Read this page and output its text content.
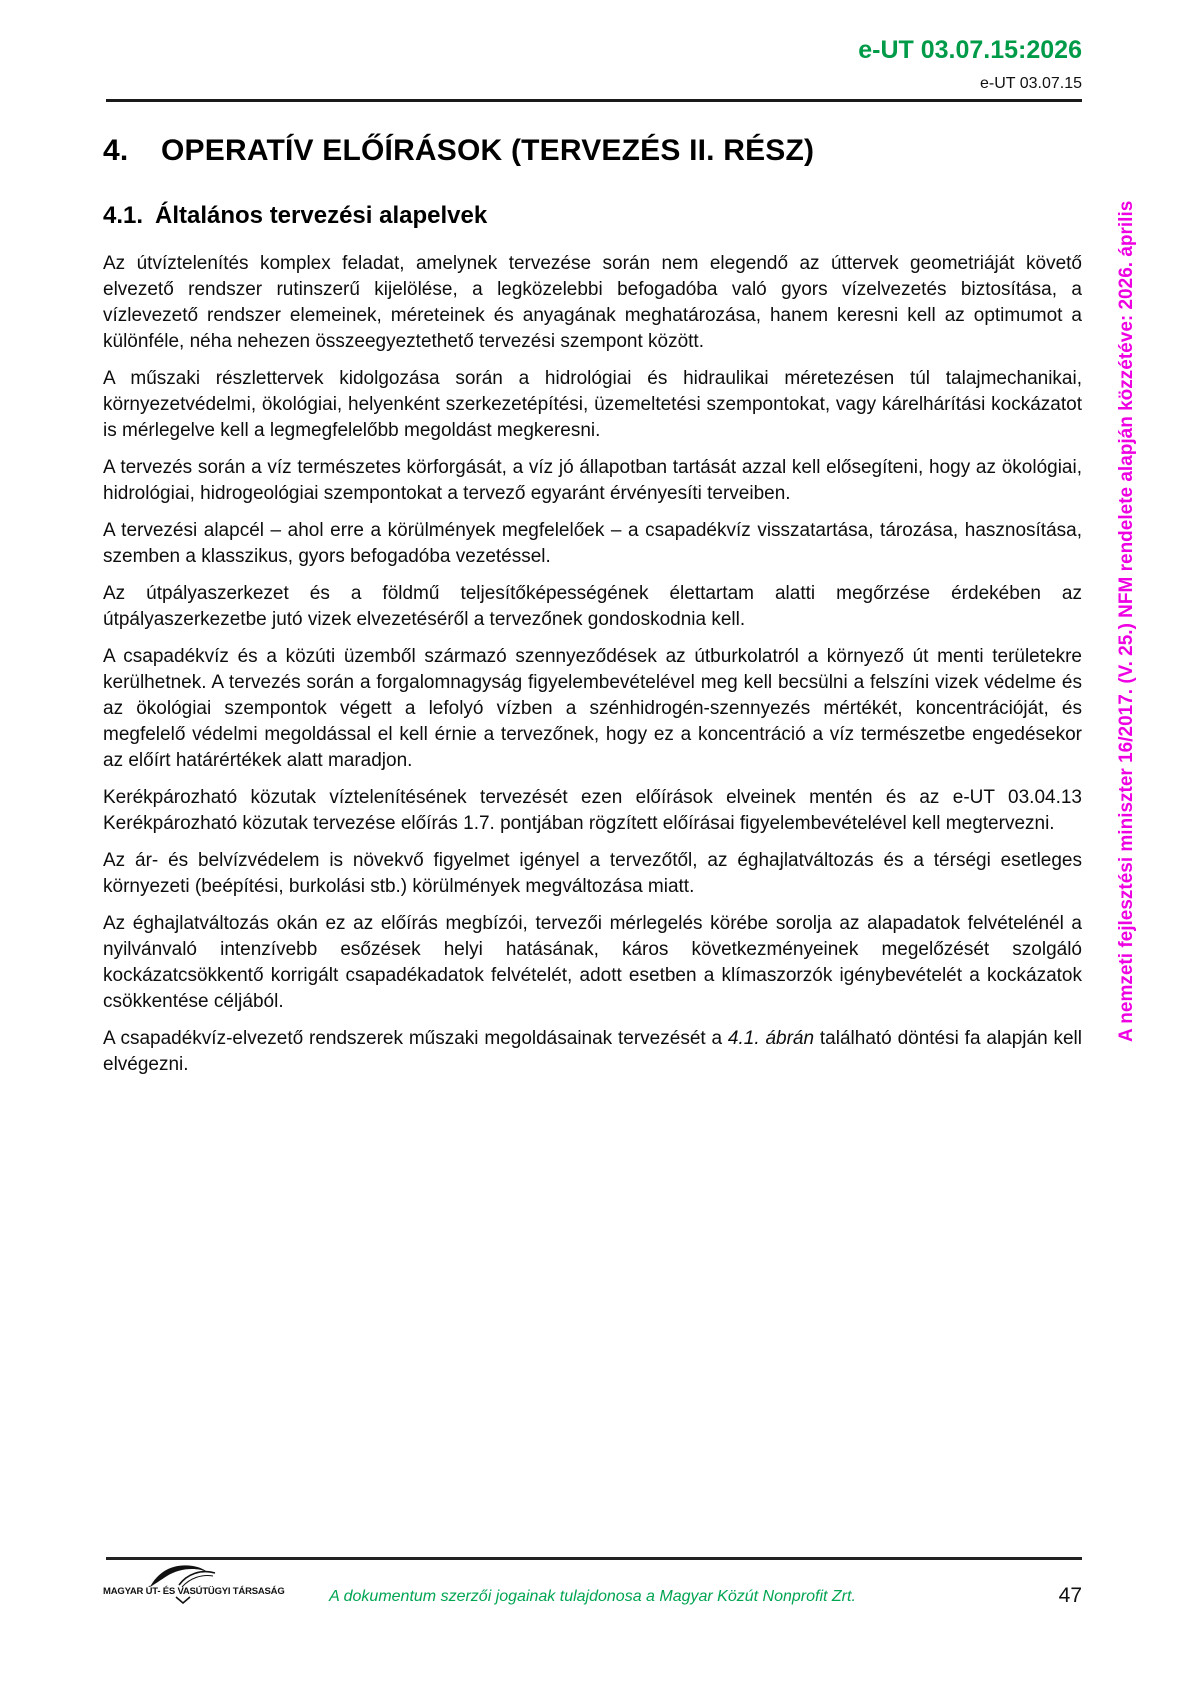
e-UT 03.07.15:2026
e-UT 03.07.15
A nemzeti fejlesztési miniszter 16/2017. (V. 25.) NFM rendelete alapján közzétéve: 2026. április
4.	OPERATÍV ELŐÍRÁSOK (TERVEZÉS II. RÉSZ)
4.1. Általános tervezési alapelvek

Az útvíztelenítés komplex feladat, amelynek tervezése során nem elegendő az úttervek geometriáját követő elvezető rendszer rutinszerű kijelölése, a legközelebbi befogadóba való gyors vízelvezetés biztosítása, a vízlevezető rendszer elemeinek, méreteinek és anyagának meghatározása, hanem keresni kell az optimumot a különféle, néha nehezen összeegyeztethető tervezési szempont között.

A műszaki részlettervek kidolgozása során a hidrológiai és hidraulikai méretezésen túl talajmechanikai, környezetvédelmi, ökológiai, helyenként szerkezetépítési, üzemeltetési szempontokat, vagy kárelhárítási kockázatot is mérlegelve kell a legmegfelelőbb megoldást megkeresni.

A tervezés során a víz természetes körforgását, a víz jó állapotban tartását azzal kell elősegíteni, hogy az ökológiai, hidrológiai, hidrogeológiai szempontokat a tervező egyaránt érvényesíti terveiben.

A tervezési alapcél – ahol erre a körülmények megfelelőek – a csapadékvíz visszatartása, tározása, hasznosítása, szemben a klasszikus, gyors befogadóba vezetéssel.

Az útpályaszerkezet és a földmű teljesítőképességének élettartam alatti megőrzése érdekében az útpályaszerkezetbe jutó vizek elvezetéséről a tervezőnek gondoskodnia kell.

A csapadékvíz és a közúti üzemből származó szennyeződések az útburkolatról a környező út menti területekre kerülhetnek. A tervezés során a forgalomnagyság figyelembevételével meg kell becsülni a felszíni vizek védelme és az ökológiai szempontok végett a lefolyó vízben a szénhidrogén-szennyezés mértékét, koncentrációját, és megfelelő védelmi megoldással el kell érnie a tervezőnek, hogy ez a koncentráció a víz természetbe engedésekor az előírt határértékek alatt maradjon.

Kerékpározható közutak víztelenítésének tervezését ezen előírások elveinek mentén és az e-UT 03.04.13 Kerékpározható közutak tervezése előírás 1.7. pontjában rögzített előírásai figyelembevételével kell megtervezni.

Az ár- és belvízvédelem is növekvő figyelmet igényel a tervezőtől, az éghajlatváltozás és a térségi esetleges környezeti (beépítési, burkolási stb.) körülmények megváltozása miatt.

Az éghajlatváltozás okán ez az előírás megbízói, tervezői mérlegelés körébe sorolja az alapadatok felvételénél a nyilvánvaló intenzívebb esőzések helyi hatásának, káros következményeinek megelőzését szolgáló kockázatcsökkentő korrigált csapadékadatok felvételét, adott esetben a klímaszorzók igénybevételét a kockázatok csökkentése céljából.

A csapadékvíz-elvezető rendszerek műszaki megoldásainak tervezését a 4.1. ábrán található döntési fa alapján kell elvégezni.

MAGYAR ÚT- ÉS VASÚTÜGYI TÁRSASÁG	A dokumentum szerzői jogainak tulajdonosa a Magyar Közút Nonprofit Zrt.	47
